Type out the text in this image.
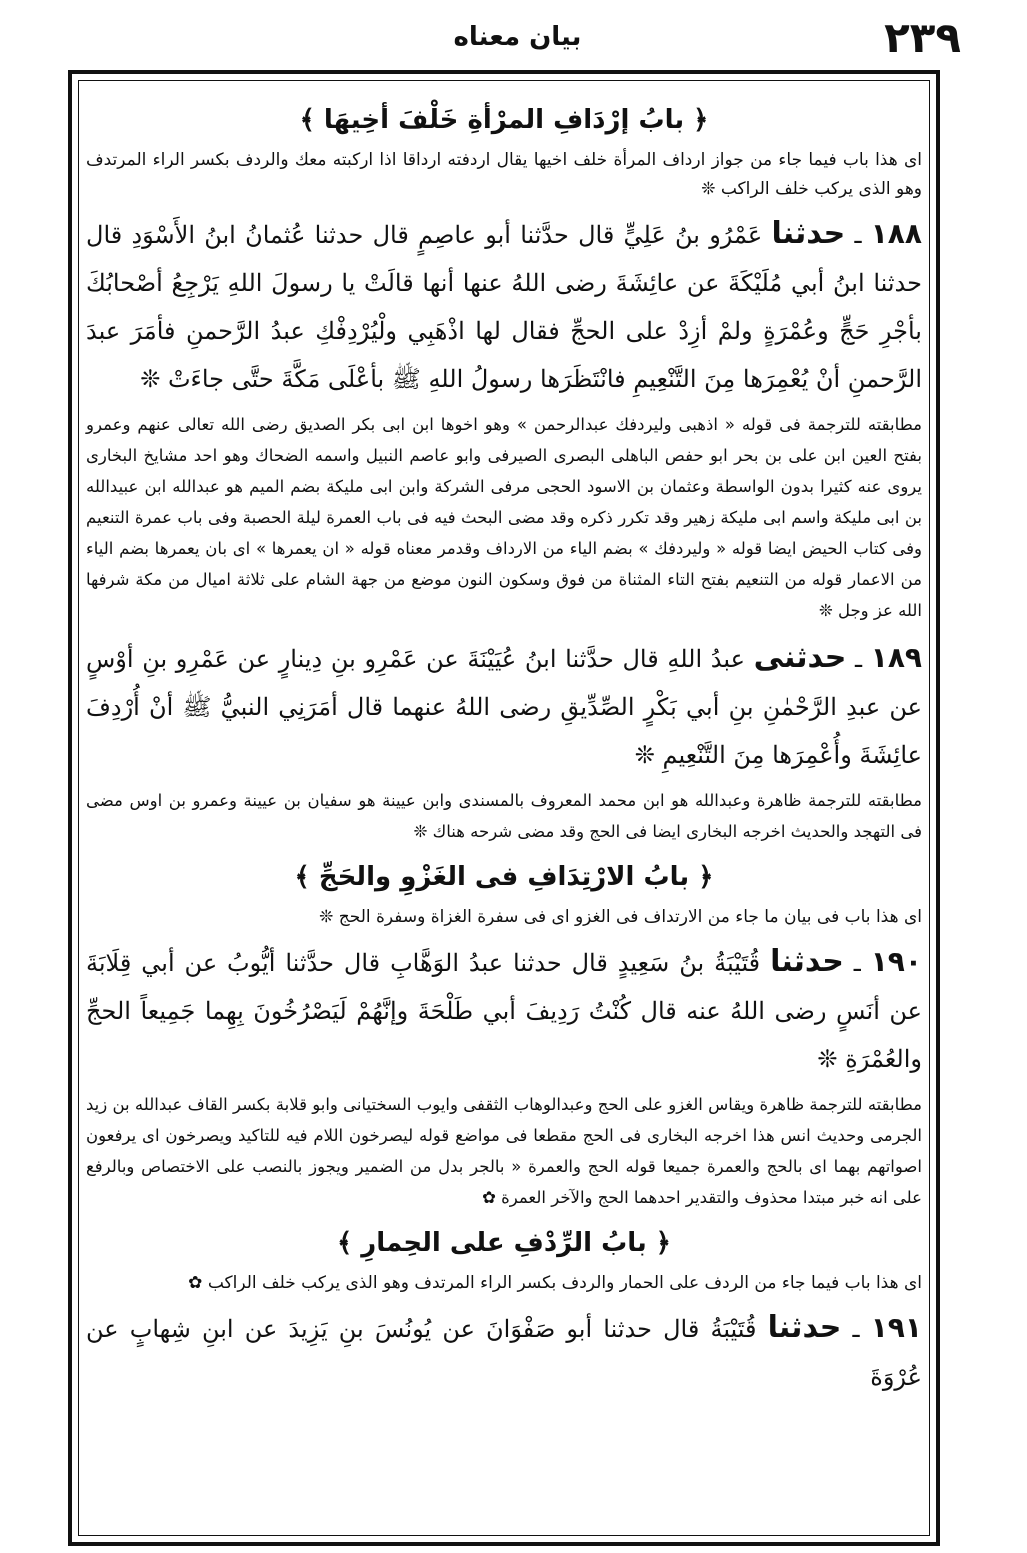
۲۳۹
بيان معناه
﴿ بابُ إرْدَافِ المرْأةِ خَلْفَ أخِيهَا ﴾

اى هذا باب فيما جاء من جواز ارداف المرأة خلف اخيها يقال اردفته ارداقا اذا اركبته معك والردف بكسر الراء المرتدف وهو الذى يركب خلف الراكب ❊

۱۸۸ ـ حدثنا عَمْرُو بنُ عَلِيٍّ قال حدَّثنا أبو عاصِمٍ قال حدثنا عُثمانُ ابنُ الأَسْوَدِ قال حدثنا ابنُ أبي مُلَيْكَةَ عن عائِشَةَ رضى اللهُ عنها أنها قالَتْ يا رسولَ اللهِ يَرْجِعُ أصْحابُكَ بأجْرِ حَجٍّ وعُمْرَةٍ ولمْ أزِدْ على الحجِّ فقال لها اذْهَبِي ولْيُرْدِفْكِ عبدُ الرَّحمنِ فأمَرَ عبدَ الرَّحمنِ أنْ يُعْمِرَها مِنَ التَّنْعِيمِ فانْتَظَرَها رسولُ اللهِ ﷺ بأعْلَى مَكَّةَ حتَّى جاءَتْ ❊

مطابقته للترجمة فى قوله « اذهبى وليردفك عبدالرحمن » وهو اخوها ابن ابى بكر الصديق رضى الله تعالى عنهم وعمرو بفتح العين ابن على بن بحر ابو حفص الباهلى البصرى الصيرفى وابو عاصم النبيل واسمه الضحاك وهو احد مشايخ البخارى يروى عنه كثيرا بدون الواسطة وعثمان بن الاسود الحجى مرفى الشركة وابن ابى مليكة بضم الميم هو عبدالله ابن عبيدالله بن ابى مليكة واسم ابى مليكة زهير وقد تكرر ذكره وقد مضى البحث فيه فى باب العمرة ليلة الحصبة وفى باب عمرة التنعيم وفى كتاب الحيض ايضا قوله « وليردفك » بضم الياء من الارداف وقدمر معناه قوله « ان يعمرها » اى بان يعمرها بضم الياء من الاعمار قوله من التنعيم بفتح التاء المثناة من فوق وسكون النون موضع من جهة الشام على ثلاثة اميال من مكة شرفها الله عز وجل ❊

۱۸۹ ـ حدثنى عبدُ اللهِ قال حدَّثنا ابنُ عُيَيْنَةَ عن عَمْرِو بنِ دِينارٍ عن عَمْرِو بنِ أوْسٍ عن عبدِ الرَّحْمٰنِ بنِ أبي بَكْرٍ الصِّدِّيقِ رضى اللهُ عنهما قال أمَرَنِي النبيُّ ﷺ أنْ أُرْدِفَ عائِشَةَ وأُعْمِرَها مِنَ التَّنْعِيمِ ❊

مطابقته للترجمة ظاهرة وعبدالله هو ابن محمد المعروف بالمسندى وابن عيينة هو سفيان بن عيينة وعمرو بن اوس مضى فى التهجد والحديث اخرجه البخارى ايضا فى الحج وقد مضى شرحه هناك ❊

﴿ بابُ الارْتِدَافِ فى الغَزْوِ والحَجِّ ﴾

اى هذا باب فى بيان ما جاء من الارتداف فى الغزو اى فى سفرة الغزاة وسفرة الحج ❊

۱۹۰ ـ حدثنا قُتَيْبَةُ بنُ سَعِيدٍ قال حدثنا عبدُ الوَهَّابِ قال حدَّثنا أيُّوبُ عن أبي قِلَابَةَ عن أنَسٍ رضى اللهُ عنه قال كُنْتُ رَدِيفَ أبي طَلْحَةَ وإنَّهُمْ لَيَصْرُخُونَ بِهِما جَمِيعاً الحجِّ والعُمْرَةِ ❊

مطابقته للترجمة ظاهرة ويقاس الغزو على الحج وعبدالوهاب الثقفى وايوب السختيانى وابو قلابة بكسر القاف عبدالله بن زيد الجرمى وحديث انس هذا اخرجه البخارى فى الحج مقطعا فى مواضع قوله ليصرخون اللام فيه للتاكيد ويصرخون اى يرفعون اصواتهم بهما اى بالحج والعمرة جميعا قوله الحج والعمرة « بالجر بدل من الضمير ويجوز بالنصب على الاختصاص وبالرفع على انه خبر مبتدا محذوف والتقدير احدهما الحج والآخر العمرة ✿

﴿ بابُ الرِّدْفِ على الحِمارِ ﴾

اى هذا باب فيما جاء من الردف على الحمار والردف بكسر الراء المرتدف وهو الذى يركب خلف الراكب ✿

۱۹۱ ـ حدثنا قُتَيْبَةُ قال حدثنا أبو صَفْوَانَ عن يُونُسَ بنِ يَزِيدَ عن ابنِ شِهابٍ عن عُرْوَةَ
